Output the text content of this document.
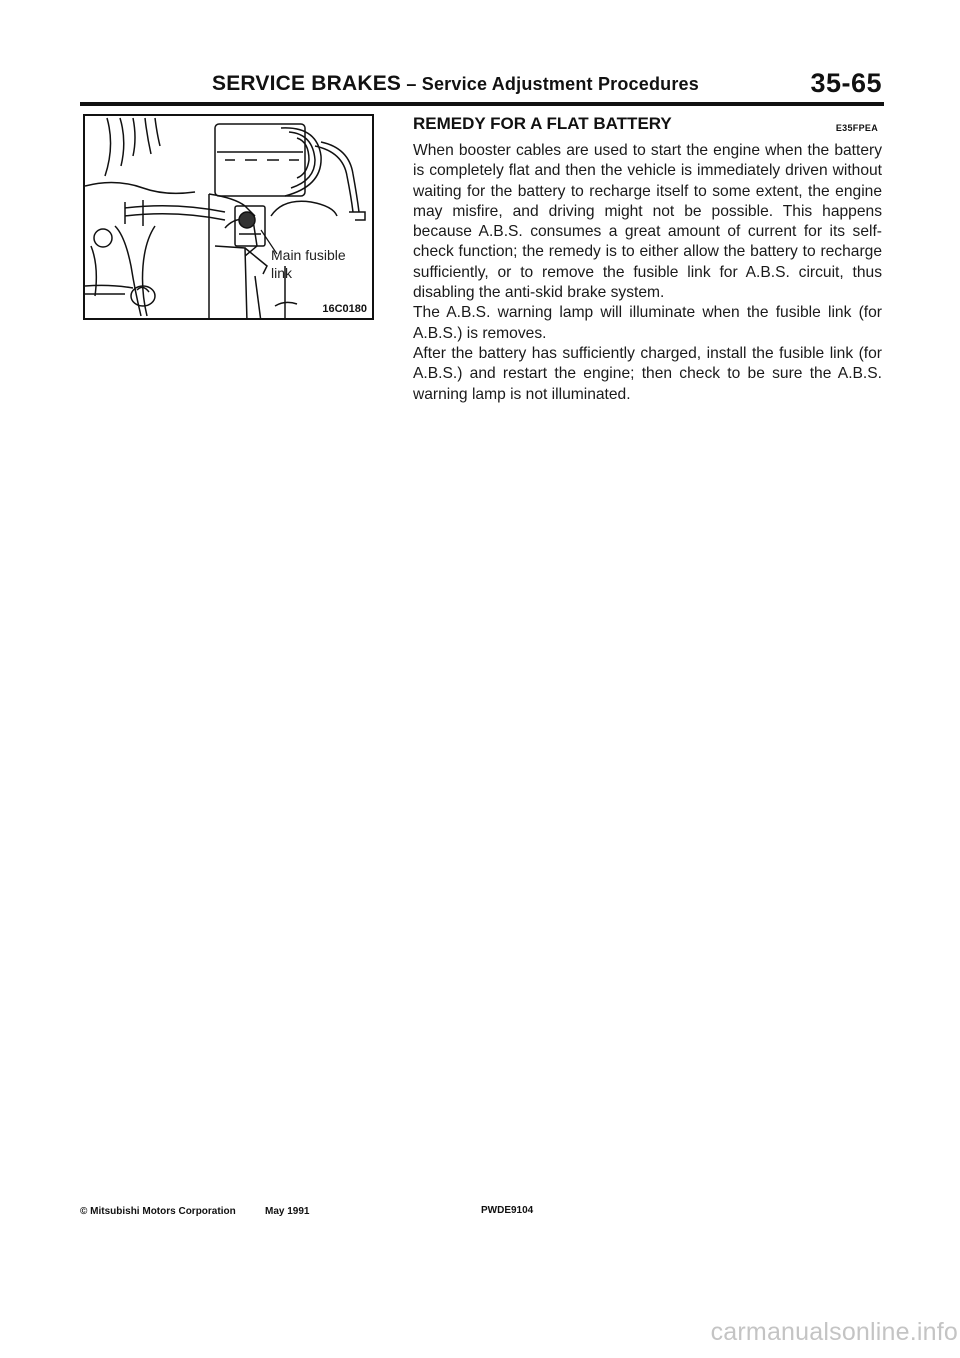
SERVICE BRAKES – Service Adjustment Procedures	35-65
Main fusible
link
16C0180
REMEDY FOR A FLAT BATTERY	E35FPEA

When booster cables are used to start the engine when the battery is completely flat and then the vehicle is immediately driven without waiting for the battery to recharge itself to some extent, the engine may misfire, and driving might not be possible. This happens because A.B.S. consumes a great amount of current for its self-check function; the remedy is to either allow the battery to recharge sufficiently, or to remove the fusible link for A.B.S. circuit, thus disabling the anti-skid brake system.

The A.B.S. warning lamp will illuminate when the fusible link (for A.B.S.) is removes.

After the battery has sufficiently charged, install the fusible link (for A.B.S.) and restart the engine; then check to be sure the A.B.S. warning lamp is not illuminated.

© Mitsubishi Motors Corporation	May 1991	PWDE9104
carmanualsonline.info
